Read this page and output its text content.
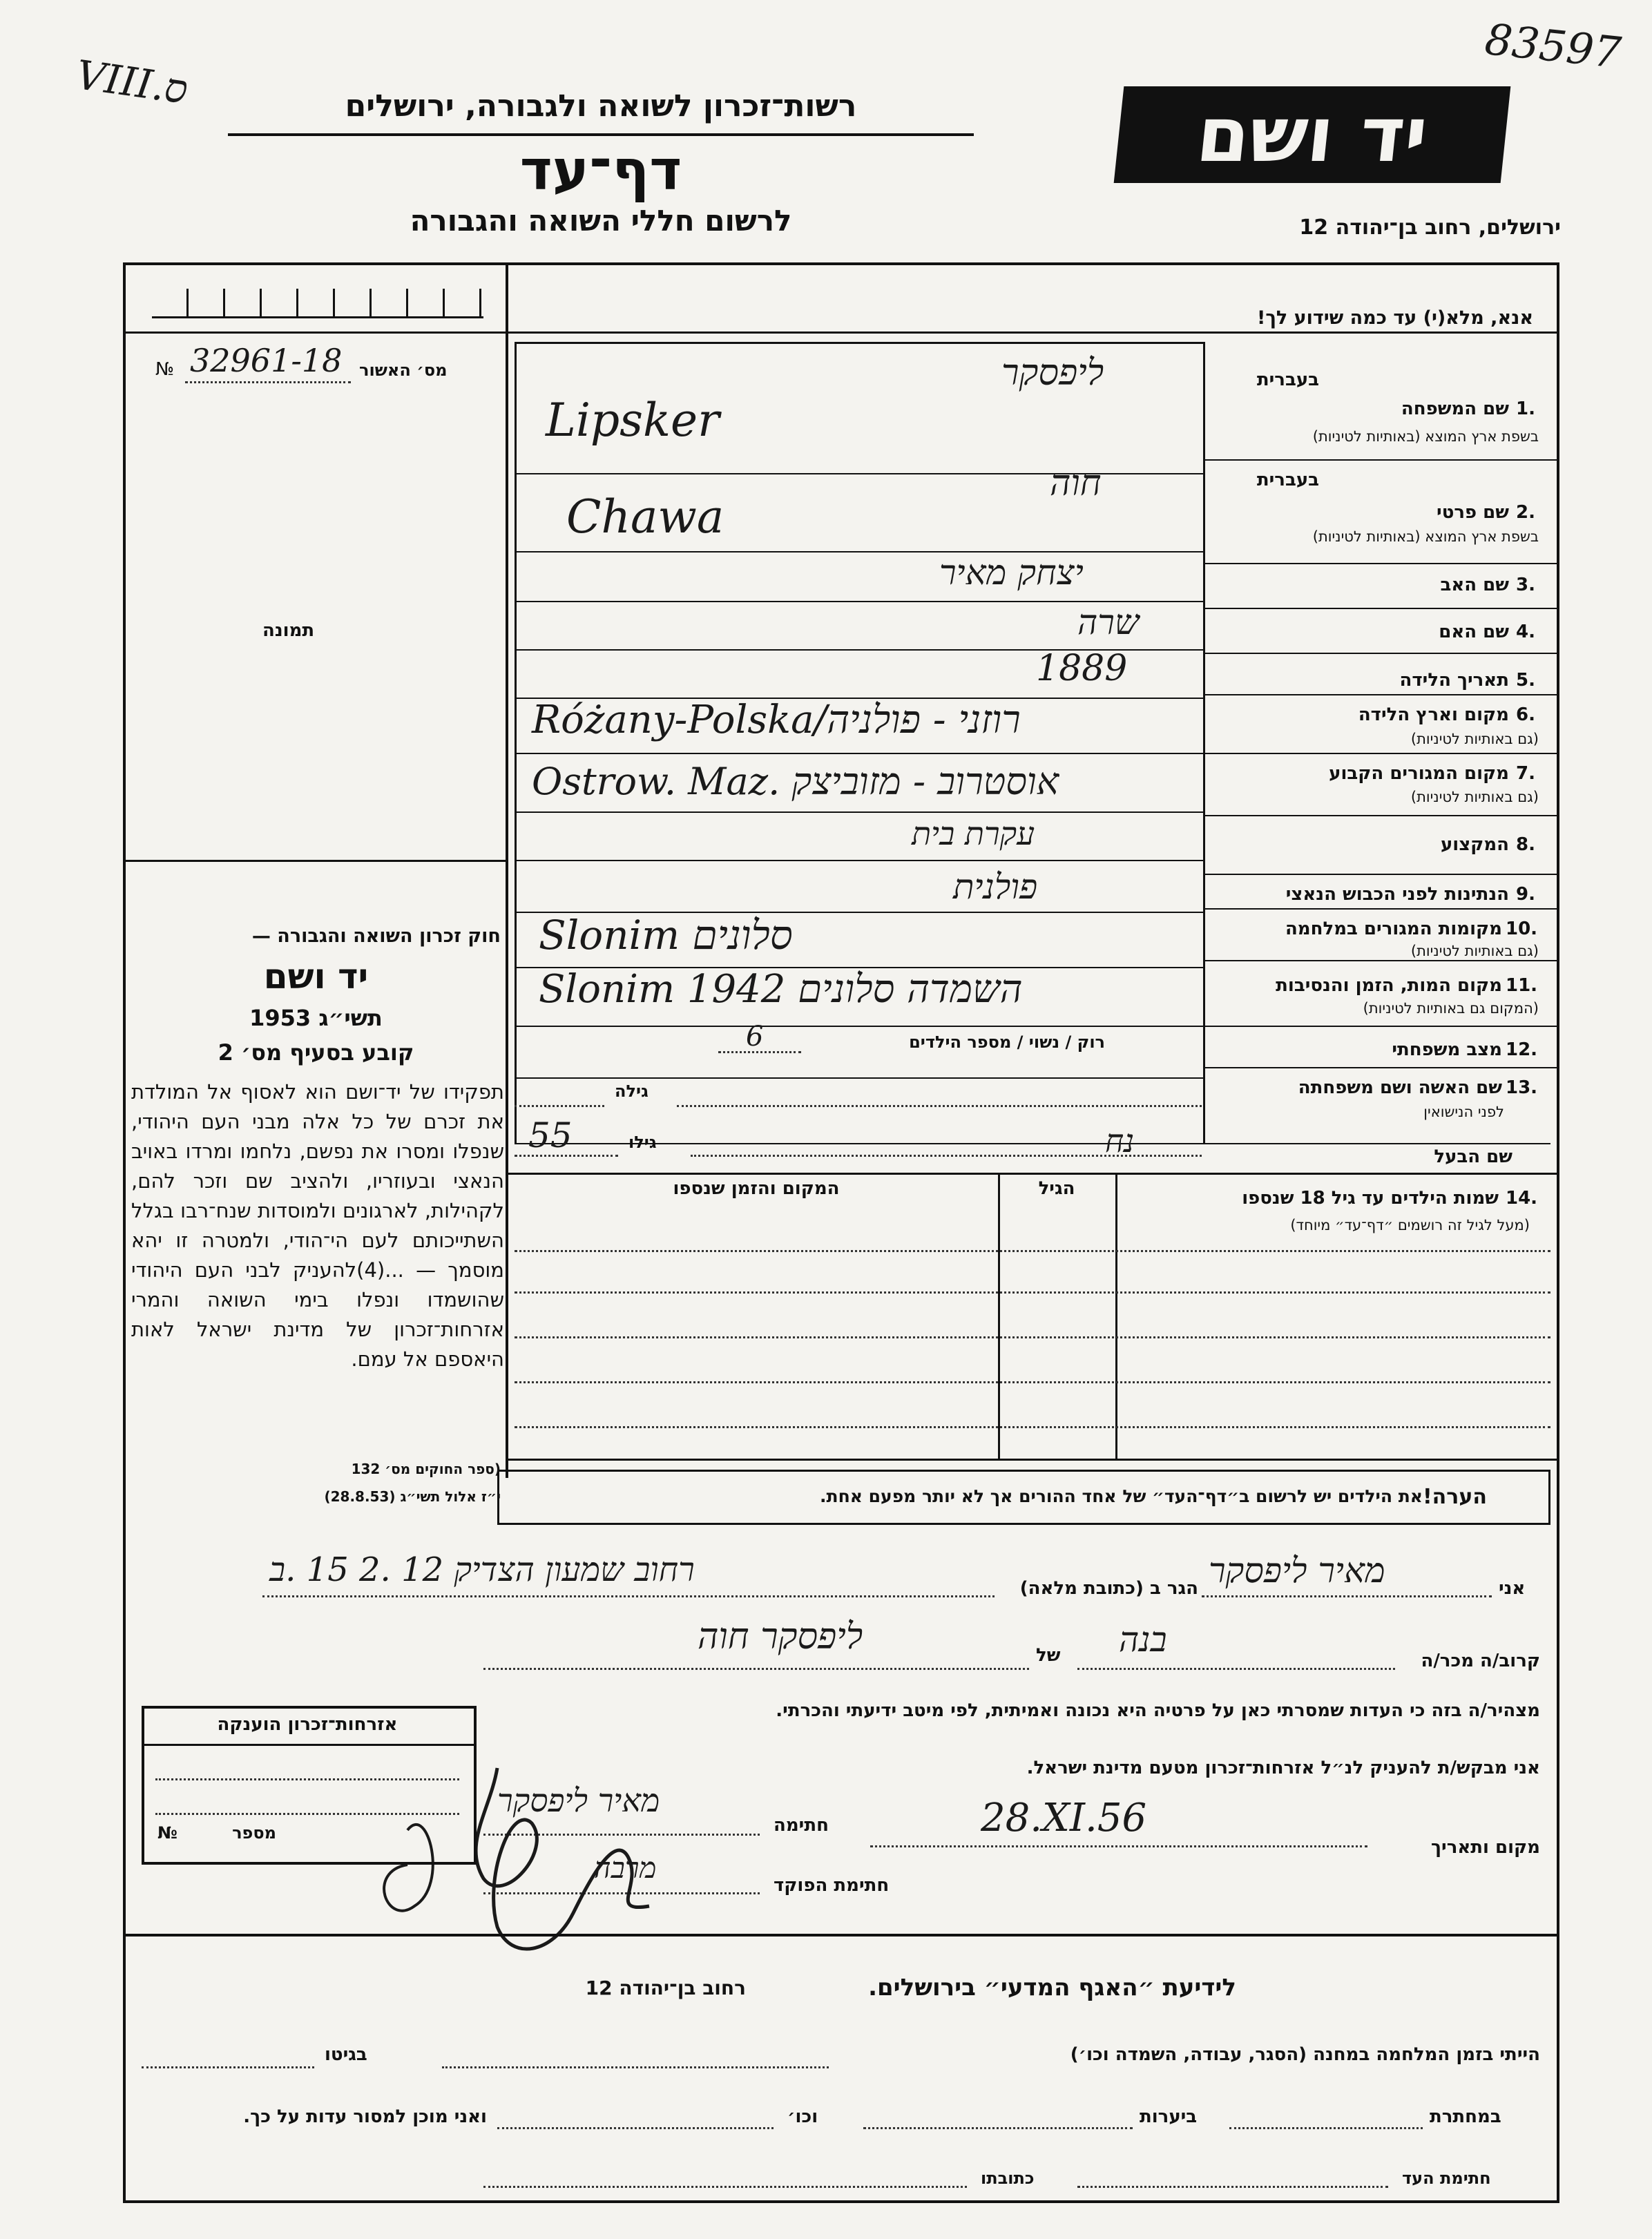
VIII.ס
83597
יד ושם
רשות־זכרון לשואה ולגבורה, ירושלים
דף־עד
לרשום חללי השואה והגבורה	ירושלים, רחוב בן־יהודה 12
מס׳ האשור
№ 32961-18
תמונה
חוק זכרון השואה והגבורה —
יד ושם
תשי״ג 1953
קובע בסעיף מס׳ 2
תפקידו של יד־ושם הוא לאסוף אל המולדת את זכרם של כל אלה מבני העם היהודי, שנפלו ומסרו את נפשם, נלחמו ומרדו באויב הנאצי ובעוזריו, ולהציב שם וזכר להם, לקהילות, לארגונים ולמוסדות שנח־רבו בגלל השתייכותם לעם הי־הודי, ולמטרה זו יהא מוסמך — ...(4)להעניק לבני העם היהודי שהושמדו ונפלו בימי השואה והמרי אזרחות־זכרון של מדינת ישראל לאות היאספם אל עמם.
(ספר החוקים מס׳ 132
י״ז אלול תשי״ג (28.8.53)
אנא, מלא(י) עד כמה שידוע לך!
בעברית
1.
שם המשפחה
בשפת ארץ המוצא (באותיות לטיניות)
ליפסקר
Lipsker
בעברית
2.
שם פרטי
בשפת ארץ המוצא (באותיות לטיניות)
חוה
Chawa
3.
שם האב
יצחק מאיר
4.
שם האם
שרה
5.
תאריך הלידה
1889
6.
מקום וארץ הלידה
(גם באותיות לטיניות)
Różany-Polska/רוזני - פולניה
7.
מקום המגורים הקבוע
(גם באותיות לטיניות)
Ostrow. Maz. אוסטרוב - מזוביצק
8.
המקצוע
עקרת בית
9.
הנתינות לפני הכבוש הנאצי
פולנית
10.
מקומות המגורים במלחמה
(גם באותיות לטיניות)
Slonim סלונים
11.
מקום המות, הזמן והנסיבות
(המקום גם באותיות לטיניות)
Slonim 1942 השמדה סלונים
12.
מצב משפחתי
רוק / נשוי / מספר הילדים
6
13.
שם האשה ושם משפחתה
לפני הנישואין
גילה
שם הבעל
נח
גילו
55
14.
שמות הילדים עד גיל 18 שנספו
(מעל לגיל זה רושמים ״דף־עד״ מיוחד)
הגיל
המקום והזמן שנספו
הערה!
את הילדים יש לרשום ב״דף־העד״ של אחד ההורים אך לא יותר מפעם אחת.
אני
מאיר ליפסקר
הגר ב (כתובת מלאה)
רחוב שמעון הצדיק 12 .2 15 .ב
קרוב/ה מכר/ה
בנה
של
ליפסקר חוה
מצהיר/ה בזה כי העדות שמסרתי כאן על פרטיה היא נכונה ואמיתית, לפי מיטב ידיעתי והכרתי.
אני מבקש/ת להעניק לנ״ל אזרחות־זכרון מטעם מדינת ישראל.
מקום ותאריך
28.XI.56
חתימה
מאיר ליפסקר
חתימת הפוקד
מרבה
אזרחות־זכרון הוענקה
מספר
№
לידיעת ״האגף המדעי״ בירושלים.
רחוב בן־יהודה 12
הייתי בזמן המלחמה במחנה (הסגר, עבודה, השמדה וכו׳)
בגיטו
במחתרת
ביערות
וכו׳
ואני מוכן למסור עדות על כך.
חתימת העד
כתובתו
